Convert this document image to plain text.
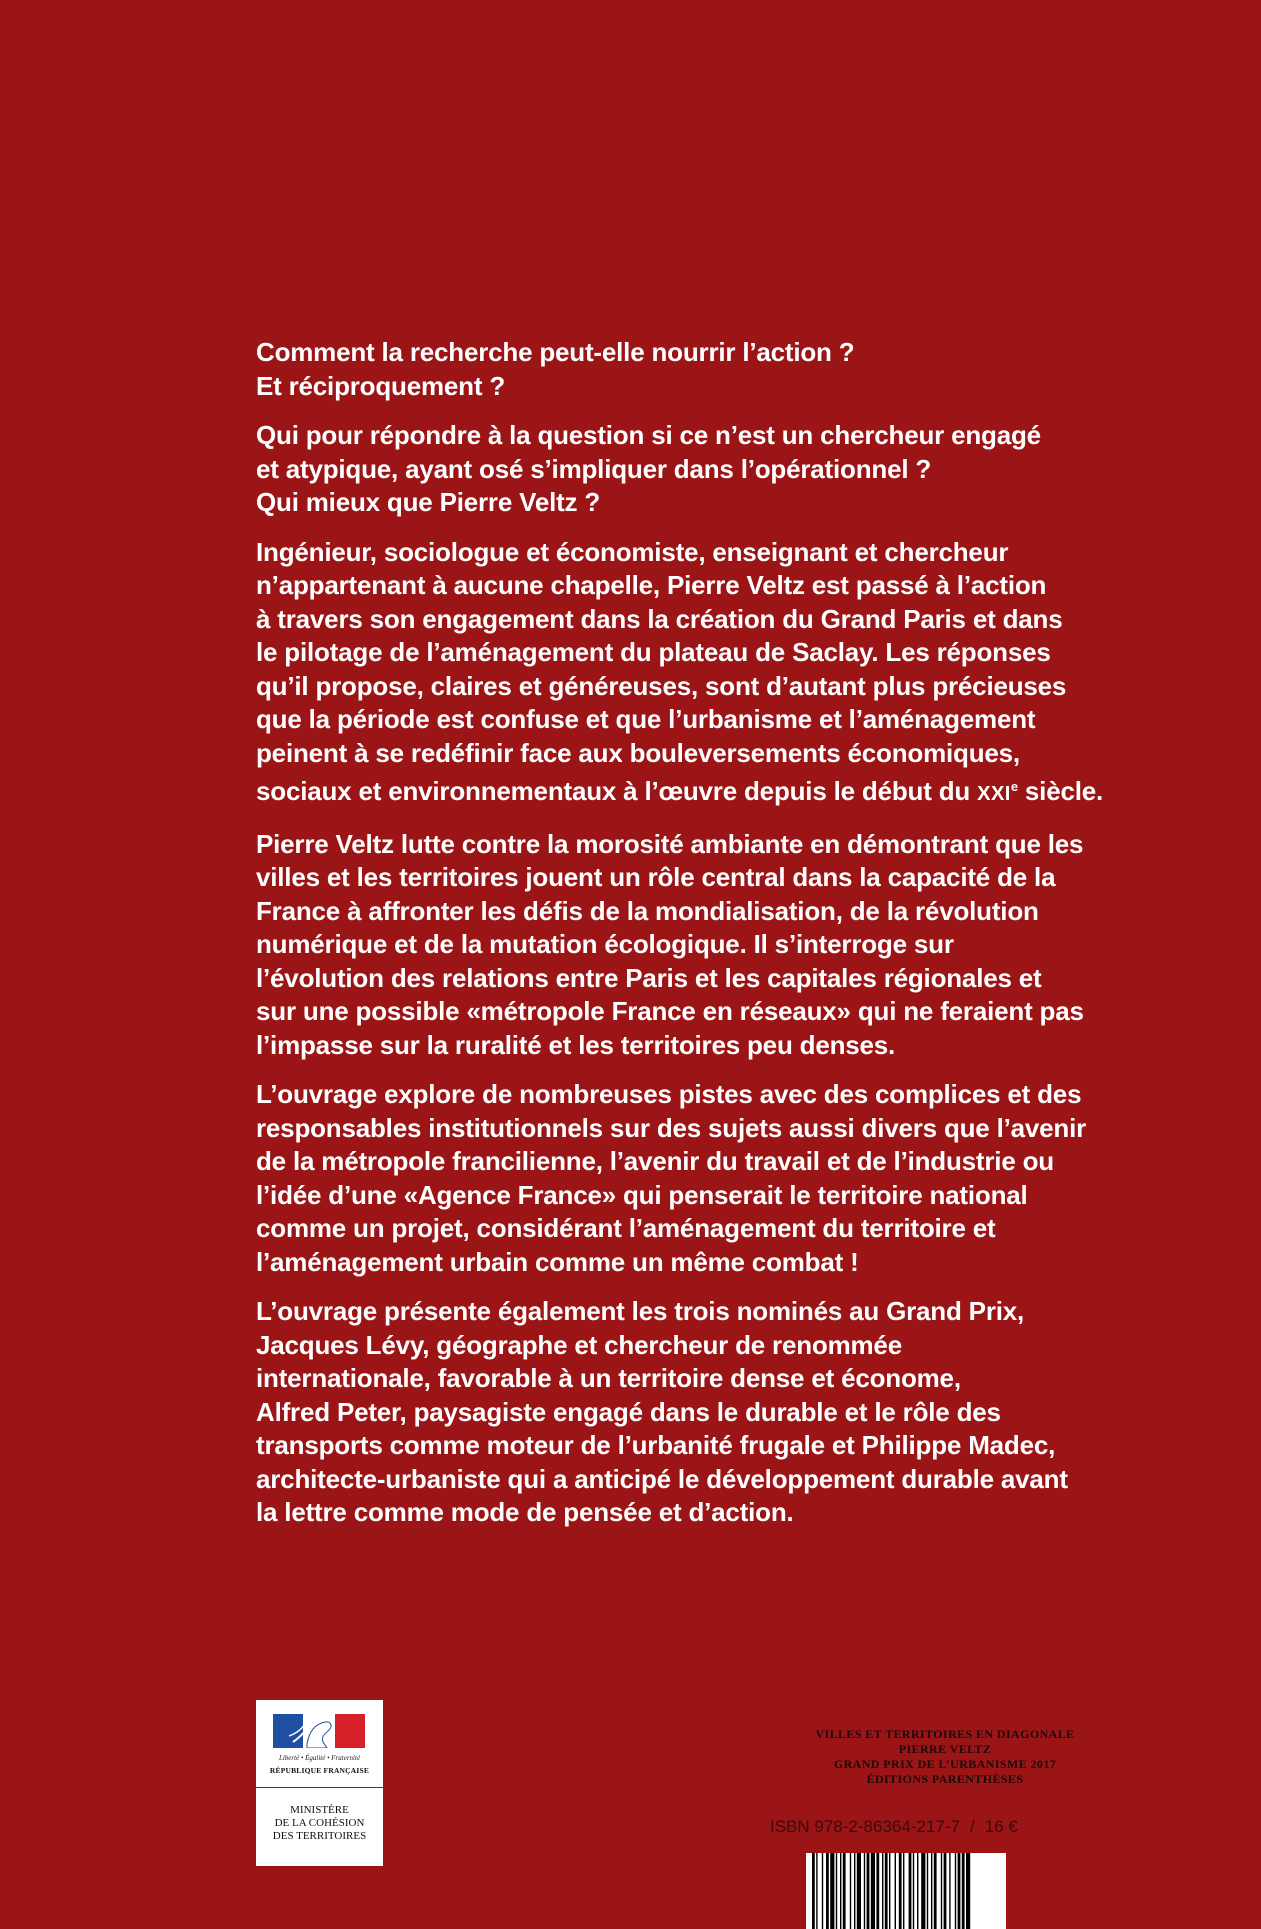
Comment la recherche peut-elle nourrir l’action ?
Et réciproquement ?

Qui pour répondre à la question si ce n’est un chercheur engagé
et atypique, ayant osé s’impliquer dans l’opérationnel ?
Qui mieux que Pierre Veltz ?

Ingénieur, sociologue et économiste, enseignant et chercheur
n’appartenant à aucune chapelle, Pierre Veltz est passé à l’action
à travers son engagement dans la création du Grand Paris et dans
le pilotage de l’aménagement du plateau de Saclay. Les réponses
qu’il propose, claires et généreuses, sont d’autant plus précieuses
que la période est confuse et que l’urbanisme et l’aménagement
peinent à se redéfinir face aux bouleversements économiques,
sociaux et environnementaux à l’œuvre depuis le début du XXIe siècle.

Pierre Veltz lutte contre la morosité ambiante en démontrant que les
villes et les territoires jouent un rôle central dans la capacité de la
France à affronter les défis de la mondialisation, de la révolution
numérique et de la mutation écologique. Il s’interroge sur
l’évolution des relations entre Paris et les capitales régionales et
sur une possible «métropole France en réseaux» qui ne feraient pas
l’impasse sur la ruralité et les territoires peu denses.

L’ouvrage explore de nombreuses pistes avec des complices et des
responsables institutionnels sur des sujets aussi divers que l’avenir
de la métropole francilienne, l’avenir du travail et de l’industrie ou
l’idée d’une «Agence France» qui penserait le territoire national
comme un projet, considérant l’aménagement du territoire et
l’aménagement urbain comme un même combat !

L’ouvrage présente également les trois nominés au Grand Prix,
Jacques Lévy, géographe et chercheur de renommée
internationale, favorable à un territoire dense et économe,
Alfred Peter, paysagiste engagé dans le durable et le rôle des
transports comme moteur de l’urbanité frugale et Philippe Madec,
architecte-urbaniste qui a anticipé le développement durable avant
la lettre comme mode de pensée et d’action.

Liberté • Égalité • Fraternité
RÉPUBLIQUE FRANÇAISE
MINISTÈRE
DE LA COHÉSION
DES TERRITOIRES
VILLES ET TERRITOIRES EN DIAGONALE
PIERRE VELTZ
GRAND PRIX DE L’URBANISME 2017
ÉDITIONS PARENTHÈSES
ISBN 978-2-86364-217-7 / 16 €
